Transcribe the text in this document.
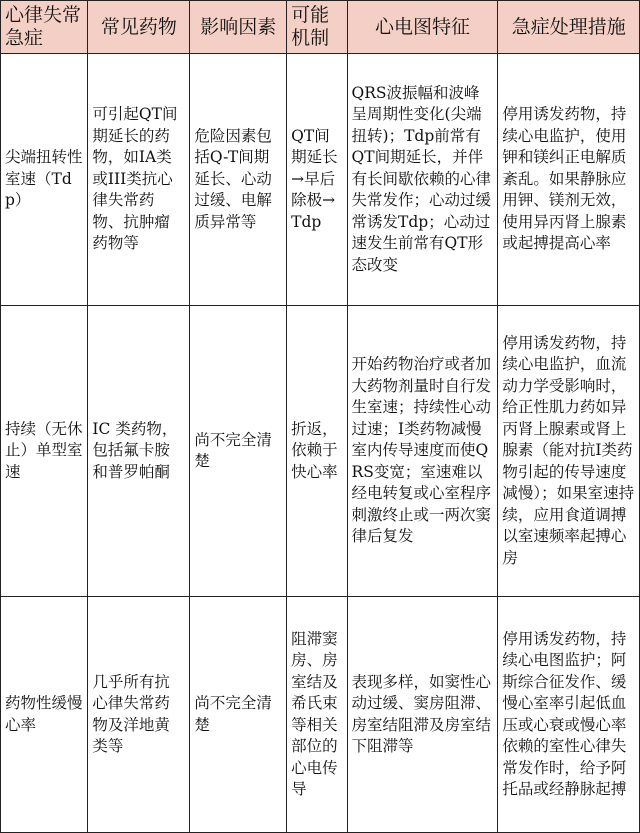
心律失常急症	常见药物	影响因素	可能机制	心电图特征	急症处理措施
尖端扭转性室速（Tdp）	可引起QT间期延长的药物，如IA类或III类抗心律失常药物、抗肿瘤药物等	危险因素包括Q-T间期延长、心动过缓、电解质异常等	QT间期延长→早后除极→Tdp	QRS波振幅和波峰呈周期性变化(尖端扭转)；Tdp前常有QT间期延长，并伴有长间歇依赖的心律失常发作；心动过缓常诱发Tdp；心动过速发生前常有QT形态改变	停用诱发药物，持续心电监护，使用钾和镁纠正电解质紊乱。如果静脉应用钾、镁剂无效，使用异丙肾上腺素或起搏提高心率
持续（无休止）单型室速	IC 类药物，包括氟卡胺和普罗帕酮	尚不完全清楚	折返，依赖于快心率	开始药物治疗或者加大药物剂量时自行发生室速；持续性心动过速；I类药物减慢室内传导速度而使QRS变宽；室速难以经电转复或心室程序刺激终止或一两次窦律后复发	停用诱发药物，持续心电监护，血流动力学受影响时，给正性肌力药如异丙肾上腺素或肾上腺素（能对抗I类药物引起的传导速度减慢）；如果室速持续，应用食道调搏以室速频率起搏心房
药物性缓慢心率	几乎所有抗心律失常药物及洋地黄类等	尚不完全清楚	阻滞窦房、房室结及希氏束等相关部位的心电传导	表现多样，如窦性心动过缓、窦房阻滞、房室结阻滞及房室结下阻滞等	停用诱发药物，持续心电图监护；阿斯综合征发作、缓慢心室率引起低血压或心衰或慢心率依赖的室性心律失常发作时，给予阿托品或经静脉起搏
